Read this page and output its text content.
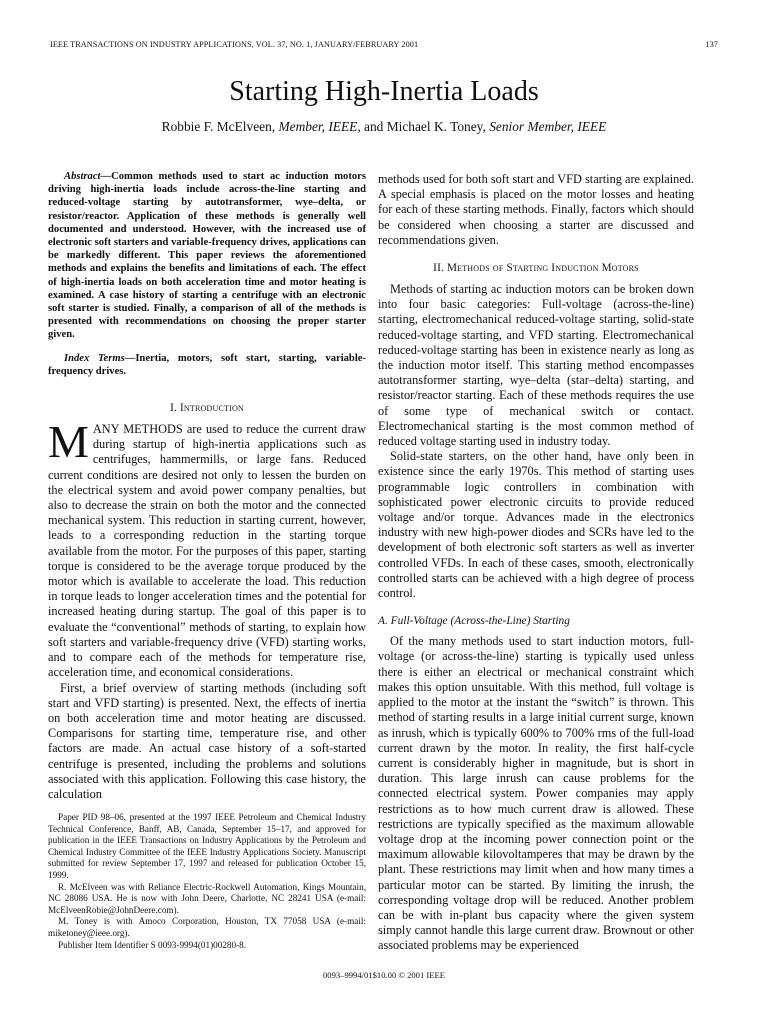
IEEE TRANSACTIONS ON INDUSTRY APPLICATIONS, VOL. 37, NO. 1, JANUARY/FEBRUARY 2001	137
Starting High-Inertia Loads
Robbie F. McElveen, Member, IEEE, and Michael K. Toney, Senior Member, IEEE

Abstract—Common methods used to start ac induction motors driving high-inertia loads include across-the-line starting and reduced-voltage starting by autotransformer, wye–delta, or resistor/reactor. Application of these methods is generally well documented and understood. However, with the increased use of electronic soft starters and variable-frequency drives, applications can be markedly different. This paper reviews the aforementioned methods and explains the benefits and limitations of each. The effect of high-inertia loads on both acceleration time and motor heating is examined. A case history of starting a centrifuge with an electronic soft starter is studied. Finally, a comparison of all of the methods is presented with recommendations on choosing the proper starter given.

Index Terms—Inertia, motors, soft start, starting, variable-frequency drives.

I. Introduction

MANY METHODS are used to reduce the current draw during startup of high-inertia applications such as centrifuges, hammermills, or large fans. Reduced current conditions are desired not only to lessen the burden on the electrical system and avoid power company penalties, but also to decrease the strain on both the motor and the connected mechanical system. This reduction in starting current, however, leads to a corresponding reduction in the starting torque available from the motor. For the purposes of this paper, starting torque is considered to be the average torque produced by the motor which is available to accelerate the load. This reduction in torque leads to longer acceleration times and the potential for increased heating during startup. The goal of this paper is to evaluate the “conventional” methods of starting, to explain how soft starters and variable-frequency drive (VFD) starting works, and to compare each of the methods for temperature rise, acceleration time, and economical considerations.

First, a brief overview of starting methods (including soft start and VFD starting) is presented. Next, the effects of inertia on both acceleration time and motor heating are discussed. Comparisons for starting time, temperature rise, and other factors are made. An actual case history of a soft-started centrifuge is presented, including the problems and solutions associated with this application. Following this case history, the calculation

Paper PID 98–06, presented at the 1997 IEEE Petroleum and Chemical Industry Technical Conference, Banff, AB, Canada, September 15–17, and approved for publication in the IEEE Transactions on Industry Applications by the Petroleum and Chemical Industry Committee of the IEEE Industry Applications Society. Manuscript submitted for review September 17, 1997 and released for publication October 15, 1999.

R. McElveen was with Reliance Electric-Rockwell Automation, Kings Mountain, NC 28086 USA. He is now with John Deere, Charlotte, NC 28241 USA (e-mail: McElveenRobie@JohnDeere.com).

M. Toney is with Amoco Corporation, Houston, TX 77058 USA (e-mail: miketoney@ieee.org).

Publisher Item Identifier S 0093-9994(01)00280-8.

methods used for both soft start and VFD starting are explained. A special emphasis is placed on the motor losses and heating for each of these starting methods. Finally, factors which should be considered when choosing a starter are discussed and recommendations given.

II. Methods of Starting Induction Motors

Methods of starting ac induction motors can be broken down into four basic categories: Full-voltage (across-the-line) starting, electromechanical reduced-voltage starting, solid-state reduced-voltage starting, and VFD starting. Electromechanical reduced-voltage starting has been in existence nearly as long as the induction motor itself. This starting method encompasses autotransformer starting, wye–delta (star–delta) starting, and resistor/reactor starting. Each of these methods requires the use of some type of mechanical switch or contact. Electromechanical starting is the most common method of reduced voltage starting used in industry today.

Solid-state starters, on the other hand, have only been in existence since the early 1970s. This method of starting uses programmable logic controllers in combination with sophisticated power electronic circuits to provide reduced voltage and/or torque. Advances made in the electronics industry with new high-power diodes and SCRs have led to the development of both electronic soft starters as well as inverter controlled VFDs. In each of these cases, smooth, electronically controlled starts can be achieved with a high degree of process control.

A. Full-Voltage (Across-the-Line) Starting

Of the many methods used to start induction motors, full-voltage (or across-the-line) starting is typically used unless there is either an electrical or mechanical constraint which makes this option unsuitable. With this method, full voltage is applied to the motor at the instant the “switch” is thrown. This method of starting results in a large initial current surge, known as inrush, which is typically 600% to 700% rms of the full-load current drawn by the motor. In reality, the first half-cycle current is considerably higher in magnitude, but is short in duration. This large inrush can cause problems for the connected electrical system. Power companies may apply restrictions as to how much current draw is allowed. These restrictions are typically specified as the maximum allowable voltage drop at the incoming power connection point or the maximum allowable kilovoltamperes that may be drawn by the plant. These restrictions may limit when and how many times a particular motor can be started. By limiting the inrush, the corresponding voltage drop will be reduced. Another problem can be with in-plant bus capacity where the given system simply cannot handle this large current draw. Brownout or other associated problems may be experienced

0093–9994/01$10.00 © 2001 IEEE
